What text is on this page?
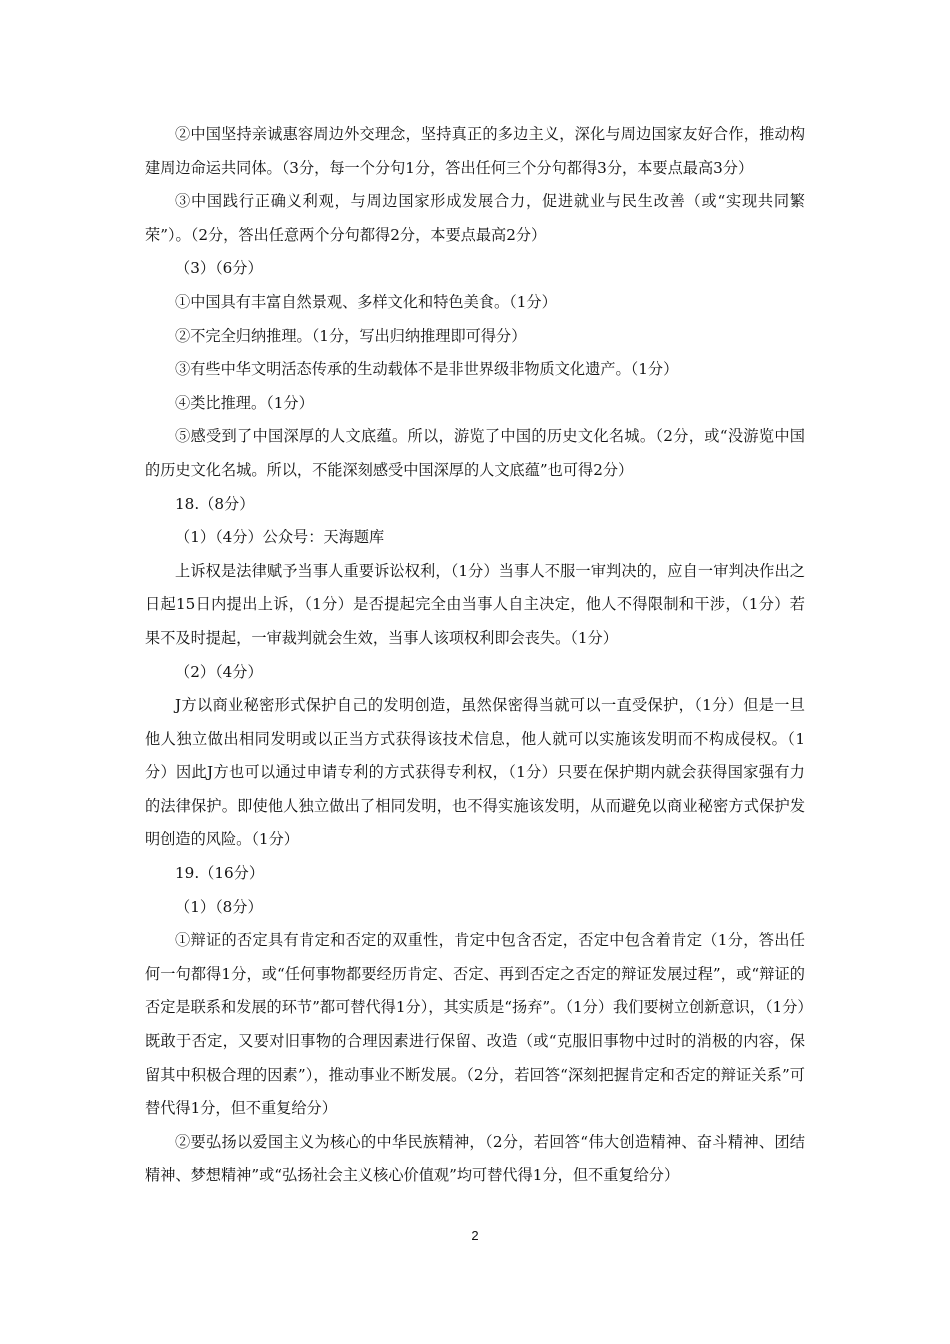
②中国坚持亲诚惠容周边外交理念，坚持真正的多边主义，深化与周边国家友好合作，推动构建周边命运共同体。（3分，每一个分句1分，答出任何三个分句都得3分，本要点最高3分）

③中国践行正确义利观，与周边国家形成发展合力，促进就业与民生改善（或“实现共同繁荣”）。（2分，答出任意两个分句都得2分，本要点最高2分）

（3）（6分）

①中国具有丰富自然景观、多样文化和特色美食。（1分）

②不完全归纳推理。（1分，写出归纳推理即可得分）

③有些中华文明活态传承的生动载体不是非世界级非物质文化遗产。（1分）

④类比推理。（1分）

⑤感受到了中国深厚的人文底蕴。所以，游览了中国的历史文化名城。（2分，或“没游览中国的历史文化名城。所以，不能深刻感受中国深厚的人文底蕴”也可得2分）

18.（8分）

（1）（4分）公众号：天海题库

上诉权是法律赋予当事人重要诉讼权利，（1分）当事人不服一审判决的，应自一审判决作出之日起15日内提出上诉，（1分）是否提起完全由当事人自主决定，他人不得限制和干涉，（1分）若果不及时提起，一审裁判就会生效，当事人该项权利即会丧失。（1分）

（2）（4分）

J方以商业秘密形式保护自己的发明创造，虽然保密得当就可以一直受保护，（1分）但是一旦他人独立做出相同发明或以正当方式获得该技术信息，他人就可以实施该发明而不构成侵权。（1分）因此J方也可以通过申请专利的方式获得专利权，（1分）只要在保护期内就会获得国家强有力的法律保护。即使他人独立做出了相同发明，也不得实施该发明，从而避免以商业秘密方式保护发明创造的风险。（1分）

19.（16分）

（1）（8分）

①辩证的否定具有肯定和否定的双重性，肯定中包含否定，否定中包含着肯定（1分，答出任何一句都得1分，或“任何事物都要经历肯定、否定、再到否定之否定的辩证发展过程”，或“辩证的否定是联系和发展的环节”都可替代得1分），其实质是“扬弃”。（1分）我们要树立创新意识，（1分）既敢于否定，又要对旧事物的合理因素进行保留、改造（或“克服旧事物中过时的消极的内容，保留其中积极合理的因素”），推动事业不断发展。（2分，若回答“深刻把握肯定和否定的辩证关系”可替代得1分，但不重复给分）

②要弘扬以爱国主义为核心的中华民族精神，（2分，若回答“伟大创造精神、奋斗精神、团结精神、梦想精神”或“弘扬社会主义核心价值观”均可替代得1分，但不重复给分）

2
